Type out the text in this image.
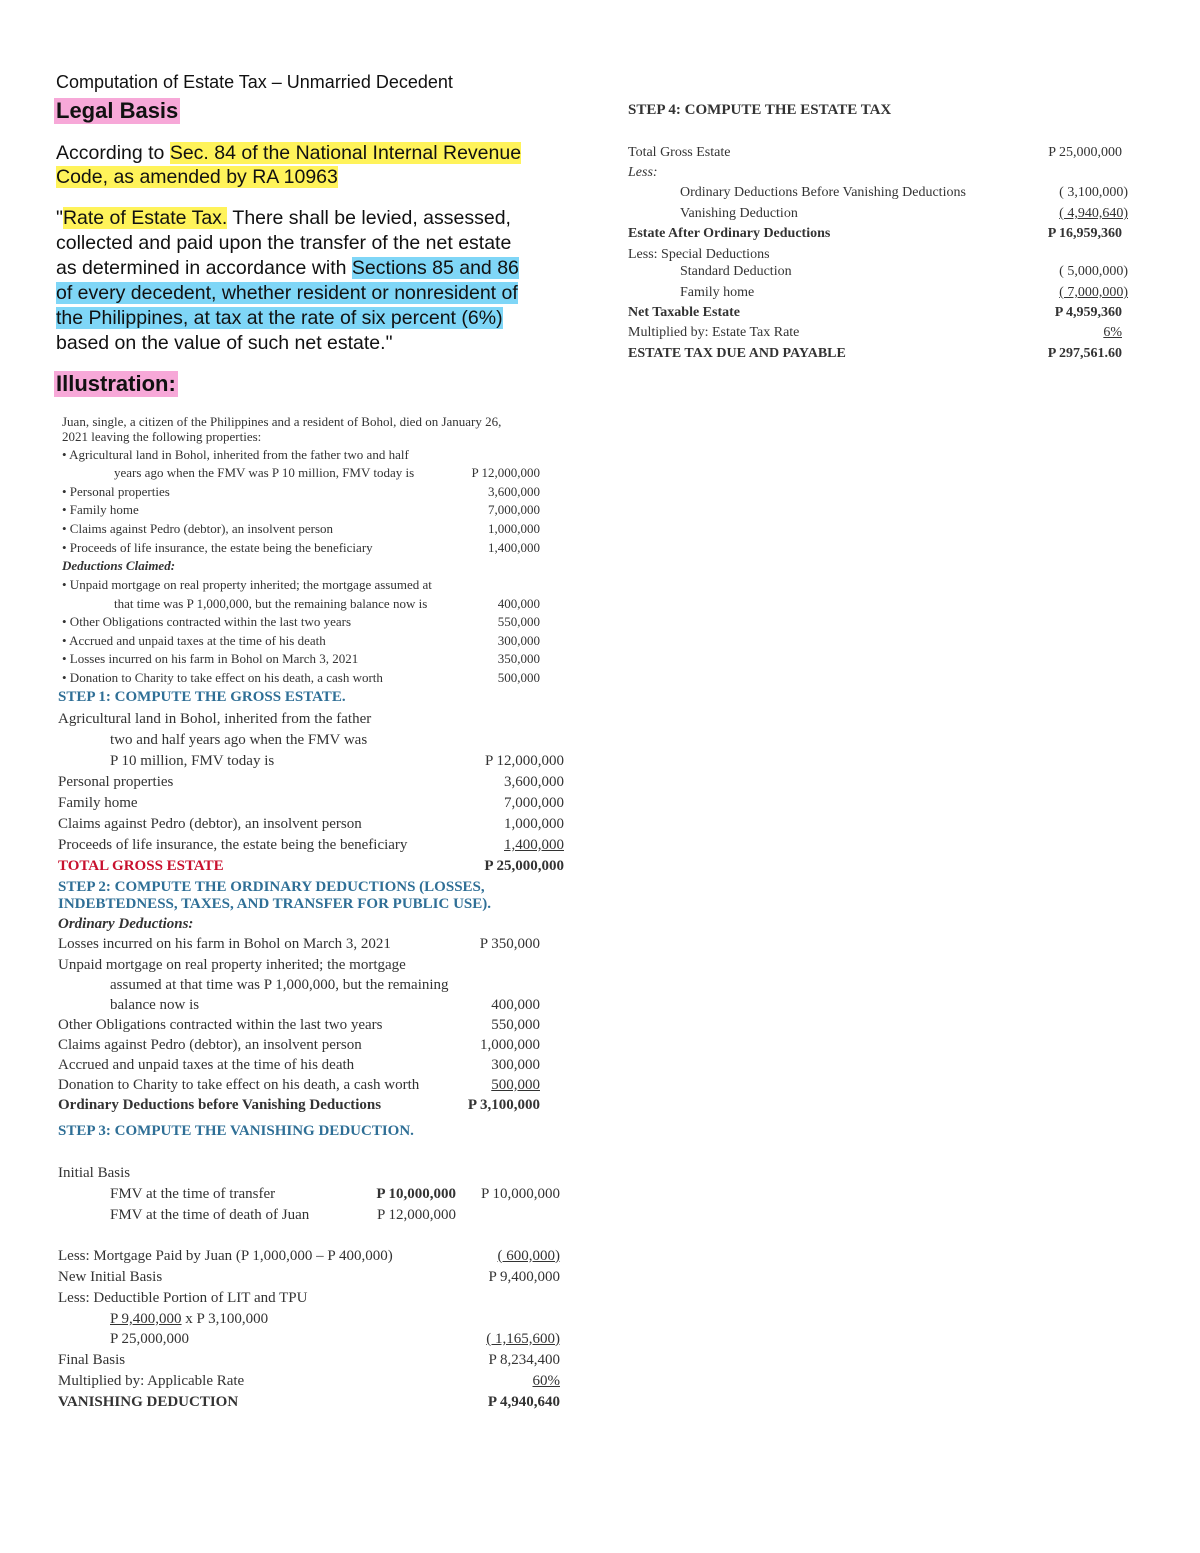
Computation of Estate Tax – Unmarried Decedent
Legal Basis
According to Sec. 84 of the National Internal Revenue
Code, as amended by RA 10963
"Rate of Estate Tax. There shall be levied, assessed,
collected and paid upon the transfer of the net estate
as determined in accordance with Sections 85 and 86
of every decedent, whether resident or nonresident of
the Philippines, at tax at the rate of six percent (6%)
based on the value of such net estate."
Illustration:
Juan, single, a citizen of the Philippines and a resident of Bohol, died on January 26,
2021 leaving the following properties:
• Agricultural land in Bohol, inherited from the father two and half
years ago when the FMV was P 10 million, FMV today is	P 12,000,000
• Personal properties	3,600,000
• Family home	7,000,000
• Claims against Pedro (debtor), an insolvent person	1,000,000
• Proceeds of life insurance, the estate being the beneficiary	1,400,000
Deductions Claimed:
• Unpaid mortgage on real property inherited; the mortgage assumed at
that time was P 1,000,000, but the remaining balance now is	400,000
• Other Obligations contracted within the last two years	550,000
• Accrued and unpaid taxes at the time of his death	300,000
• Losses incurred on his farm in Bohol on March 3, 2021	350,000
• Donation to Charity to take effect on his death, a cash worth	500,000
STEP 1: COMPUTE THE GROSS ESTATE.
Agricultural land in Bohol, inherited from the father
two and half years ago when the FMV was
P 10 million, FMV today is	P 12,000,000
Personal properties	3,600,000
Family home	7,000,000
Claims against Pedro (debtor), an insolvent person	1,000,000
Proceeds of life insurance, the estate being the beneficiary	1,400,000
TOTAL GROSS ESTATE	P 25,000,000
STEP 2: COMPUTE THE ORDINARY DEDUCTIONS (LOSSES,
INDEBTEDNESS, TAXES, AND TRANSFER FOR PUBLIC USE).
Ordinary Deductions:
Losses incurred on his farm in Bohol on March 3, 2021	P 350,000
Unpaid mortgage on real property inherited; the mortgage
assumed at that time was P 1,000,000, but the remaining
balance now is	400,000
Other Obligations contracted within the last two years	550,000
Claims against Pedro (debtor), an insolvent person	1,000,000
Accrued and unpaid taxes at the time of his death	300,000
Donation to Charity to take effect on his death, a cash worth	500,000
Ordinary Deductions before Vanishing Deductions	P 3,100,000
STEP 3: COMPUTE THE VANISHING DEDUCTION.
Initial Basis
FMV at the time of transfer	P 10,000,000	P 10,000,000
FMV at the time of death of Juan	P 12,000,000
Less: Mortgage Paid by Juan (P 1,000,000 – P 400,000)	( 600,000)
New Initial Basis	P 9,400,000
Less: Deductible Portion of LIT and TPU
P 9,400,000 x P 3,100,000
P 25,000,000	( 1,165,600)
Final Basis	P 8,234,400
Multiplied by: Applicable Rate	60%
VANISHING DEDUCTION	P 4,940,640
STEP 4: COMPUTE THE ESTATE TAX
Total Gross Estate	P 25,000,000
Less:
Ordinary Deductions Before Vanishing Deductions	( 3,100,000)
Vanishing Deduction	( 4,940,640)
Estate After Ordinary Deductions	P 16,959,360
Less: Special Deductions
Standard Deduction	( 5,000,000)
Family home	( 7,000,000)
Net Taxable Estate	P 4,959,360
Multiplied by: Estate Tax Rate	6%
ESTATE TAX DUE AND PAYABLE	P 297,561.60
